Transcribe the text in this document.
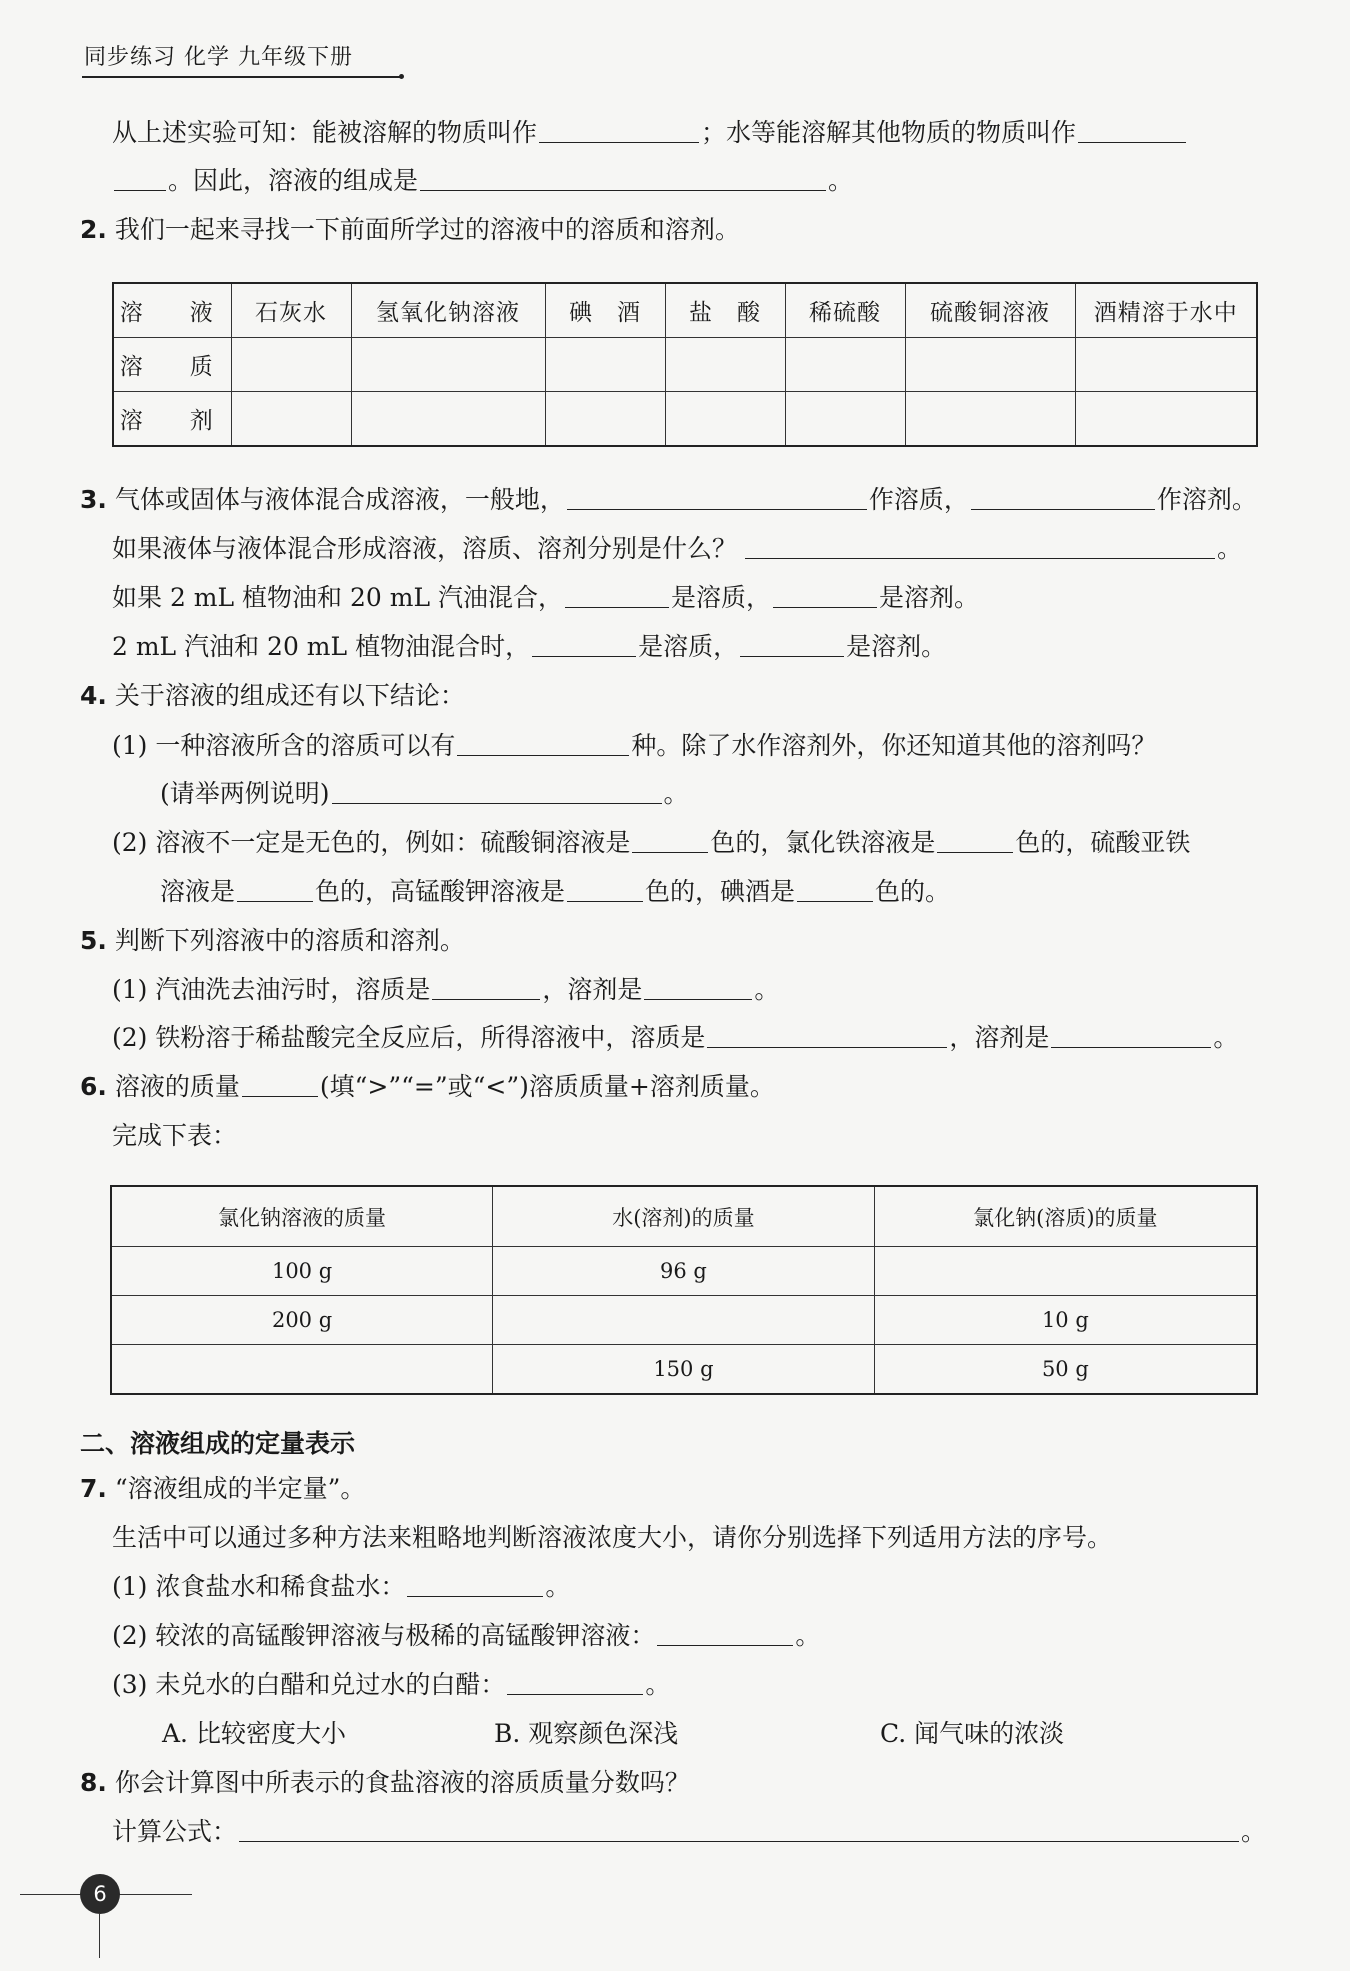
同步练习 化学 九年级下册
从上述实验可知：能被溶解的物质叫作	；水等能溶解其他物质的物质叫作
。因此，溶液的组成是	。
2. 我们一起来寻找一下前面所学过的溶液中的溶质和溶剂。
溶　液	石灰水	氢氧化钠溶液	碘　酒	盐　酸	稀硫酸	硫酸铜溶液	酒精溶于水中
溶　质							
溶　剂							
3. 气体或固体与液体混合成溶液，一般地，	作溶质，	作溶剂。
如果液体与液体混合形成溶液，溶质、溶剂分别是什么？	。
如果 2 mL 植物油和 20 mL 汽油混合，	是溶质，	是溶剂。
2 mL 汽油和 20 mL 植物油混合时，	是溶质，	是溶剂。
4. 关于溶液的组成还有以下结论：
(1) 一种溶液所含的溶质可以有	种。除了水作溶剂外，你还知道其他的溶剂吗？
(请举两例说明)	。
(2) 溶液不一定是无色的，例如：硫酸铜溶液是	色的，氯化铁溶液是	色的，硫酸亚铁
溶液是	色的，高锰酸钾溶液是	色的，碘酒是	色的。
5. 判断下列溶液中的溶质和溶剂。
(1) 汽油洗去油污时，溶质是	，溶剂是	。
(2) 铁粉溶于稀盐酸完全反应后，所得溶液中，溶质是	，溶剂是	。
6. 溶液的质量	(填“>”“=”或“<”)溶质质量+溶剂质量。
完成下表：
氯化钠溶液的质量	水(溶剂)的质量	氯化钠(溶质)的质量
100 g	96 g	
200 g		10 g
	150 g	50 g
二、溶液组成的定量表示
7. “溶液组成的半定量”。
生活中可以通过多种方法来粗略地判断溶液浓度大小，请你分别选择下列适用方法的序号。
(1) 浓食盐水和稀食盐水：	。
(2) 较浓的高锰酸钾溶液与极稀的高锰酸钾溶液：	。
(3) 未兑水的白醋和兑过水的白醋：	。
A. 比较密度大小	B. 观察颜色深浅	C. 闻气味的浓淡
8. 你会计算图中所表示的食盐溶液的溶质质量分数吗？
计算公式：	。
6
